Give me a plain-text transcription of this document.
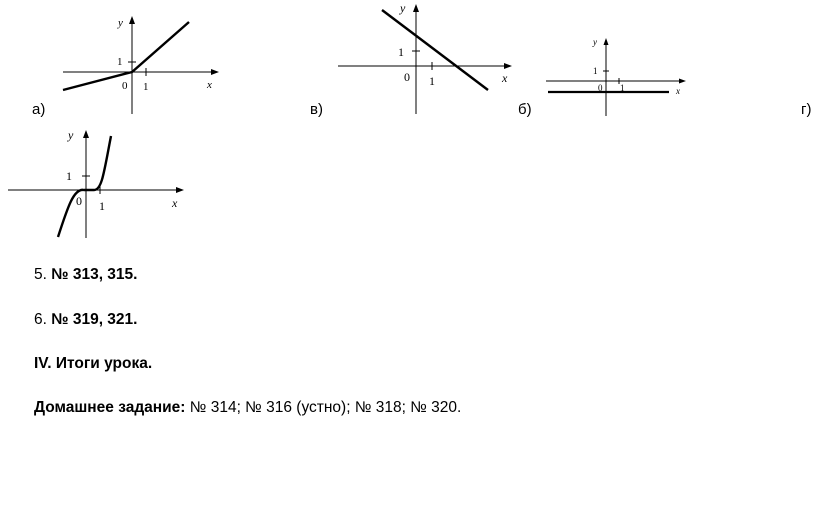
y
x
0 1
1
y
x
0 1
1
y
x
0 1
1
y
x
0 1
1
а)	в)	б)	г)
5. № 313, 315.
6. № 319, 321.
IV. Итоги урока.
Домашнее задание: № 314; № 316 (устно); № 318; № 320.
